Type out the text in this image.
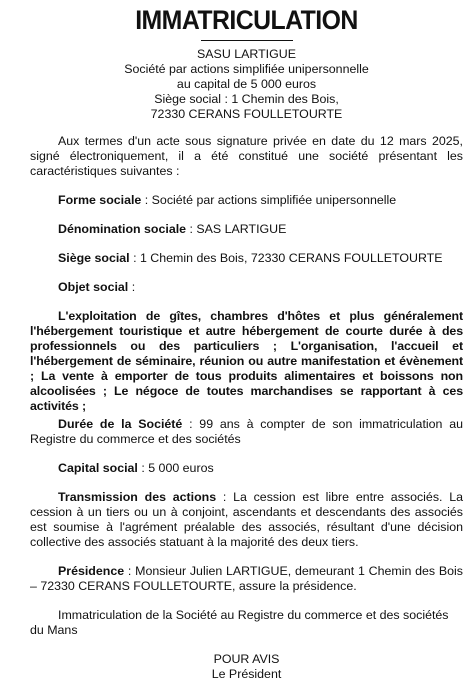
IMMATRICULATION
SASU LARTIGUE
Société par actions simplifiée unipersonnelle
au capital de 5 000 euros
Siège social : 1 Chemin des Bois,
72330 CERANS FOULLETOURTE

Aux termes d'un acte sous signature privée en date du 12 mars 2025, signé électroniquement, il a été constitué une société présentant les caractéristiques suivantes :

Forme sociale : Société par actions simplifiée unipersonnelle

Dénomination sociale : SAS LARTIGUE

Siège social : 1 Chemin des Bois, 72330 CERANS FOULLETOURTE

Objet social :

L'exploitation de gîtes, chambres d'hôtes et plus généralement l'hébergement touristique et autre hébergement de courte durée à des professionnels ou des particuliers ; L'organisation, l'accueil et l'hébergement de séminaire, réunion ou autre manifestation et évènement ; La vente à emporter de tous produits alimentaires et boissons non alcoolisées ; Le négoce de toutes marchandises se rapportant à ces activités ;

Durée de la Société : 99 ans à compter de son immatriculation au Registre du commerce et des sociétés

Capital social : 5 000 euros

Transmission des actions : La cession est libre entre associés. La cession à un tiers ou un à conjoint, ascendants et descendants des associés est soumise à l'agrément préalable des associés, résultant d'une décision collective des associés statuant à la majorité des deux tiers.

Présidence : Monsieur Julien LARTIGUE, demeurant 1 Chemin des Bois – 72330 CERANS FOULLETOURTE, assure la présidence.

Immatriculation de la Société au Registre du commerce et des sociétés du Mans

POUR AVIS
Le Président
